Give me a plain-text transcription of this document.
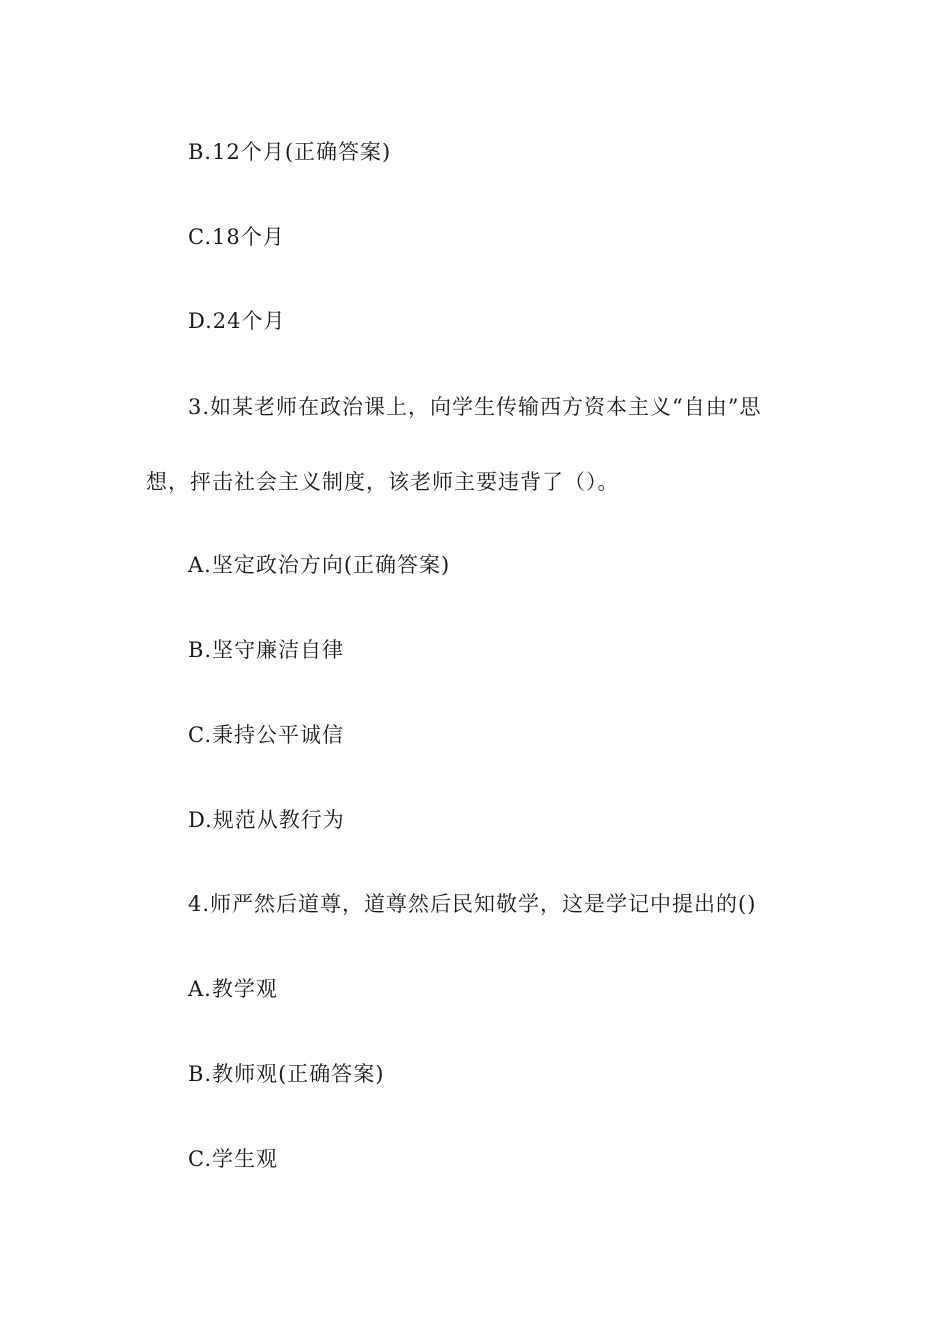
B.12个月(正确答案)
C.18个月
D.24个月
3.如某老师在政治课上，向学生传输西方资本主义“自由”思
想，抨击社会主义制度，该老师主要违背了（）。
A.坚定政治方向(正确答案)
B.坚守廉洁自律
C.秉持公平诚信
D.规范从教行为
4.师严然后道尊，道尊然后民知敬学，这是学记中提出的()
A.教学观
B.教师观(正确答案)
C.学生观
